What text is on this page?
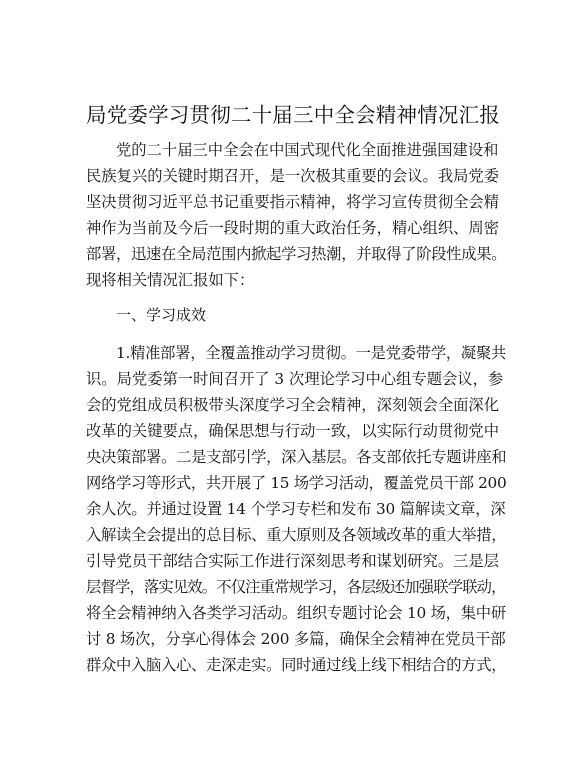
局党委学习贯彻二十届三中全会精神情况汇报
党的二十届三中全会在中国式现代化全面推进强国建设和
民族复兴的关键时期召开，是一次极其重要的会议。我局党委
坚决贯彻习近平总书记重要指示精神，将学习宣传贯彻全会精
神作为当前及今后一段时期的重大政治任务，精心组织、周密
部署，迅速在全局范围内掀起学习热潮，并取得了阶段性成果。
现将相关情况汇报如下：
一、学习成效
1.精准部署，全覆盖推动学习贯彻。一是党委带学，凝聚共
识。局党委第一时间召开了 3 次理论学习中心组专题会议，参
会的党组成员积极带头深度学习全会精神，深刻领会全面深化
改革的关键要点，确保思想与行动一致，以实际行动贯彻党中
央决策部署。二是支部引学，深入基层。各支部依托专题讲座和
网络学习等形式，共开展了 15 场学习活动，覆盖党员干部 200
余人次。并通过设置 14 个学习专栏和发布 30 篇解读文章，深
入解读全会提出的总目标、重大原则及各领域改革的重大举措，
引导党员干部结合实际工作进行深刻思考和谋划研究。三是层
层督学，落实见效。不仅注重常规学习，各层级还加强联学联动，
将全会精神纳入各类学习活动。组织专题讨论会 10 场，集中研
讨 8 场次，分享心得体会 200 多篇，确保全会精神在党员干部
群众中入脑入心、走深走实。同时通过线上线下相结合的方式，
